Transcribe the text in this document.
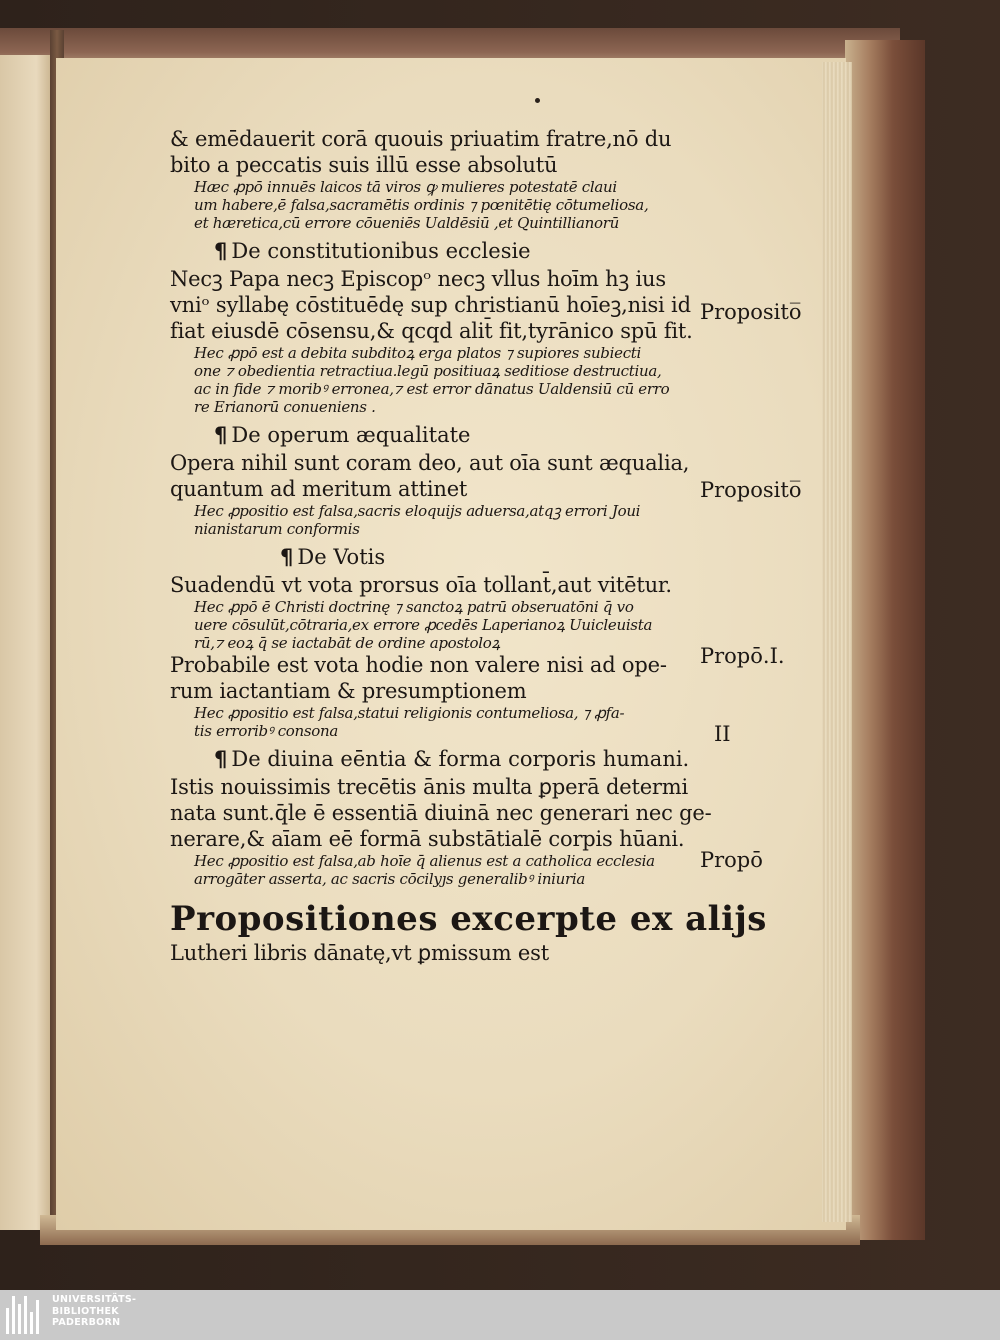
& emēdauerit corā quouis priuatim fratre,nō du
bito a peccatis suis illū esse absolutū
Hæc ꝓpō innuēs laicos tā viros ꝙ mulieres potestatē claui
um habere,ē falsa,sacramētis ordinis ⁊ pœnitētię cōtumeliosa,
et hæretica,cū errore cōueniēs Ualdēsiū ,et Quintillianorū
¶ De constitutionibus ecclesie
Necꝫ Papa necꝫ Episcopᵒ necꝫ vllus hoīm hꝫ ius
vniᵒ syllabę cōstituēdę sup christianū hoīeꝫ,nisi id
fiat eiusdē cōsensu,& qcqd alit̄ fit,tyrānico spū fit.
Hec ꝓpō est a debita subditoꝝ erga platos ⁊ supiores subiecti
one ⁊ obedientia retractiua.legū positiuaꝝ seditiose destructiua,
ac in fide ⁊ moribꝰ erronea,⁊ est error dānatus Ualdensiū cū erro
re Erianorū conueniens .
¶ De operum æqualitate
Opera nihil sunt coram deo, aut oīa sunt æqualia,
quantum ad meritum attinet
Hec ꝓpositio est falsa,sacris eloquijs aduersa,atqꝫ errori Joui
nianistarum conformis
¶ De Votis
Suadendū vt vota prorsus oīa tollant̄,aut vitētur.
Hec ꝓpō ē Christi doctrinę ⁊ sanctoꝝ patrū obseruatōni q̄ vo
uere cōsulūt,cōtraria,ex errore ꝓcedēs Laperianoꝝ Uuicleuista
rū,⁊ eoꝝ q̄ se iactabāt de ordine apostoloꝝ
Probabile est vota hodie non valere nisi ad ope-
rum iactantiam & presumptionem
Hec ꝓpositio est falsa,statui religionis contumeliosa, ⁊ ꝓfa-
tis erroribꝰ consona
¶ De diuina eēntia & forma corporis humani.
Istis nouissimis trecētis ānis multa ꝑperā determi
nata sunt.q̄le ē essentiā diuinā nec generari nec ge-
nerare,& aīam eē formā substātialē corpis hūani.
Hec ꝓpositio est falsa,ab hoīe q̄ alienus est a catholica ecclesia
arrogāter asserta, ac sacris cōcilyȷs generalibꝰ iniuria
Propositiones excerpte ex alijs
Lutheri libris dānatę,vt ꝑmissum est
Proposito̅
Proposito̅
Propō.I.
II
Propō
UNIVERSITÄTS-
BIBLIOTHEK
PADERBORN
